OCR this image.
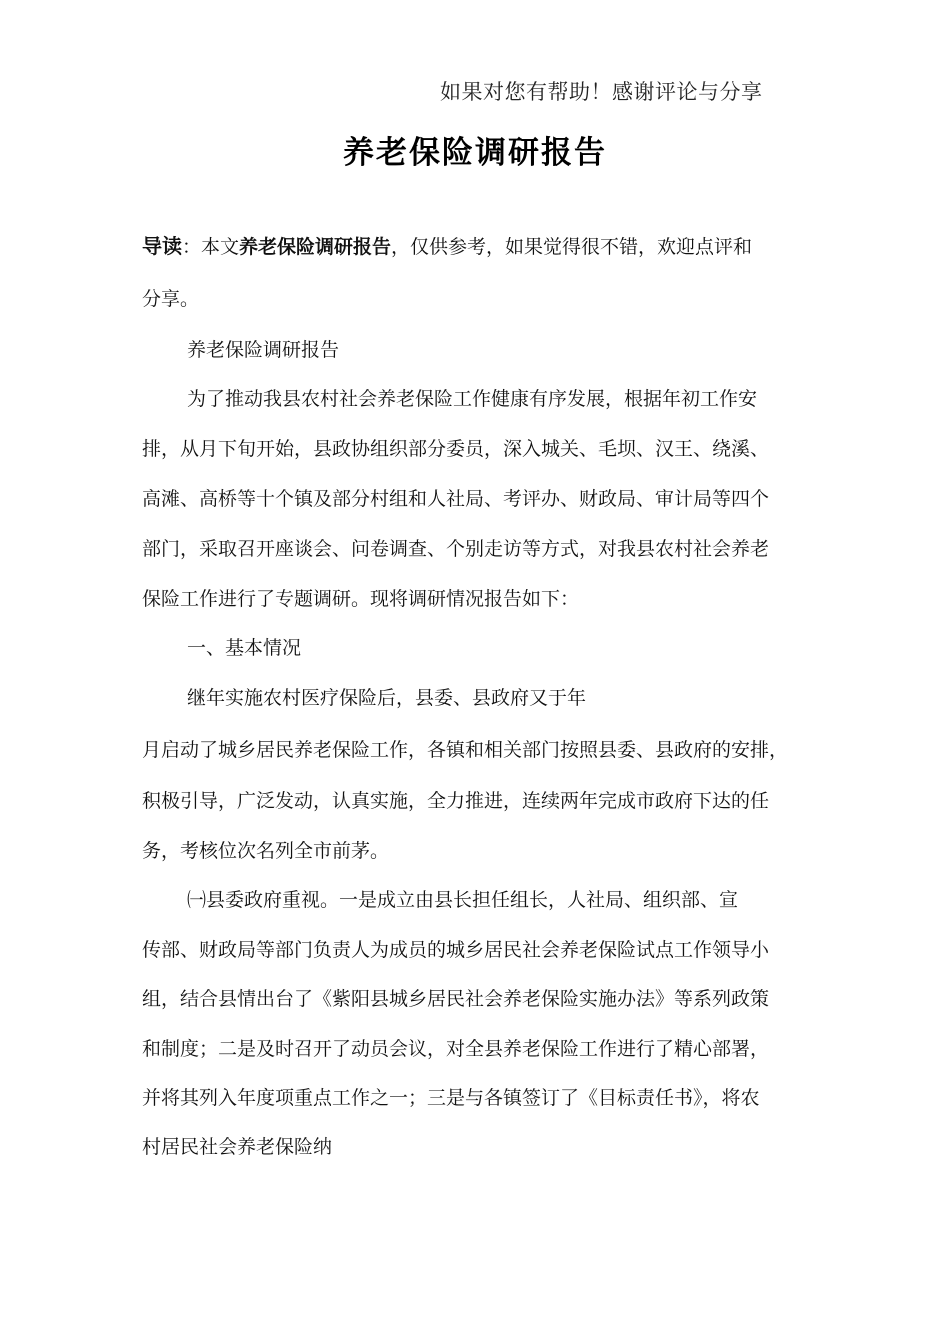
如果对您有帮助！感谢评论与分享
养老保险调研报告
导读：本文养老保险调研报告，仅供参考，如果觉得很不错，欢迎点评和
分享。
养老保险调研报告
为了推动我县农村社会养老保险工作健康有序发展，根据年初工作安
排，从月下旬开始，县政协组织部分委员，深入城关、毛坝、汉王、绕溪、
高滩、高桥等十个镇及部分村组和人社局、考评办、财政局、审计局等四个
部门，采取召开座谈会、问卷调查、个别走访等方式，对我县农村社会养老
保险工作进行了专题调研。现将调研情况报告如下：
一、基本情况
继年实施农村医疗保险后，县委、县政府又于年
月启动了城乡居民养老保险工作，各镇和相关部门按照县委、县政府的安排，
积极引导，广泛发动，认真实施，全力推进，连续两年完成市政府下达的任
务，考核位次名列全市前茅。
㈠县委政府重视。一是成立由县长担任组长，人社局、组织部、宣
传部、财政局等部门负责人为成员的城乡居民社会养老保险试点工作领导小
组，结合县情出台了《紫阳县城乡居民社会养老保险实施办法》等系列政策
和制度；二是及时召开了动员会议，对全县养老保险工作进行了精心部署，
并将其列入年度项重点工作之一；三是与各镇签订了《目标责任书》，将农
村居民社会养老保险纳
